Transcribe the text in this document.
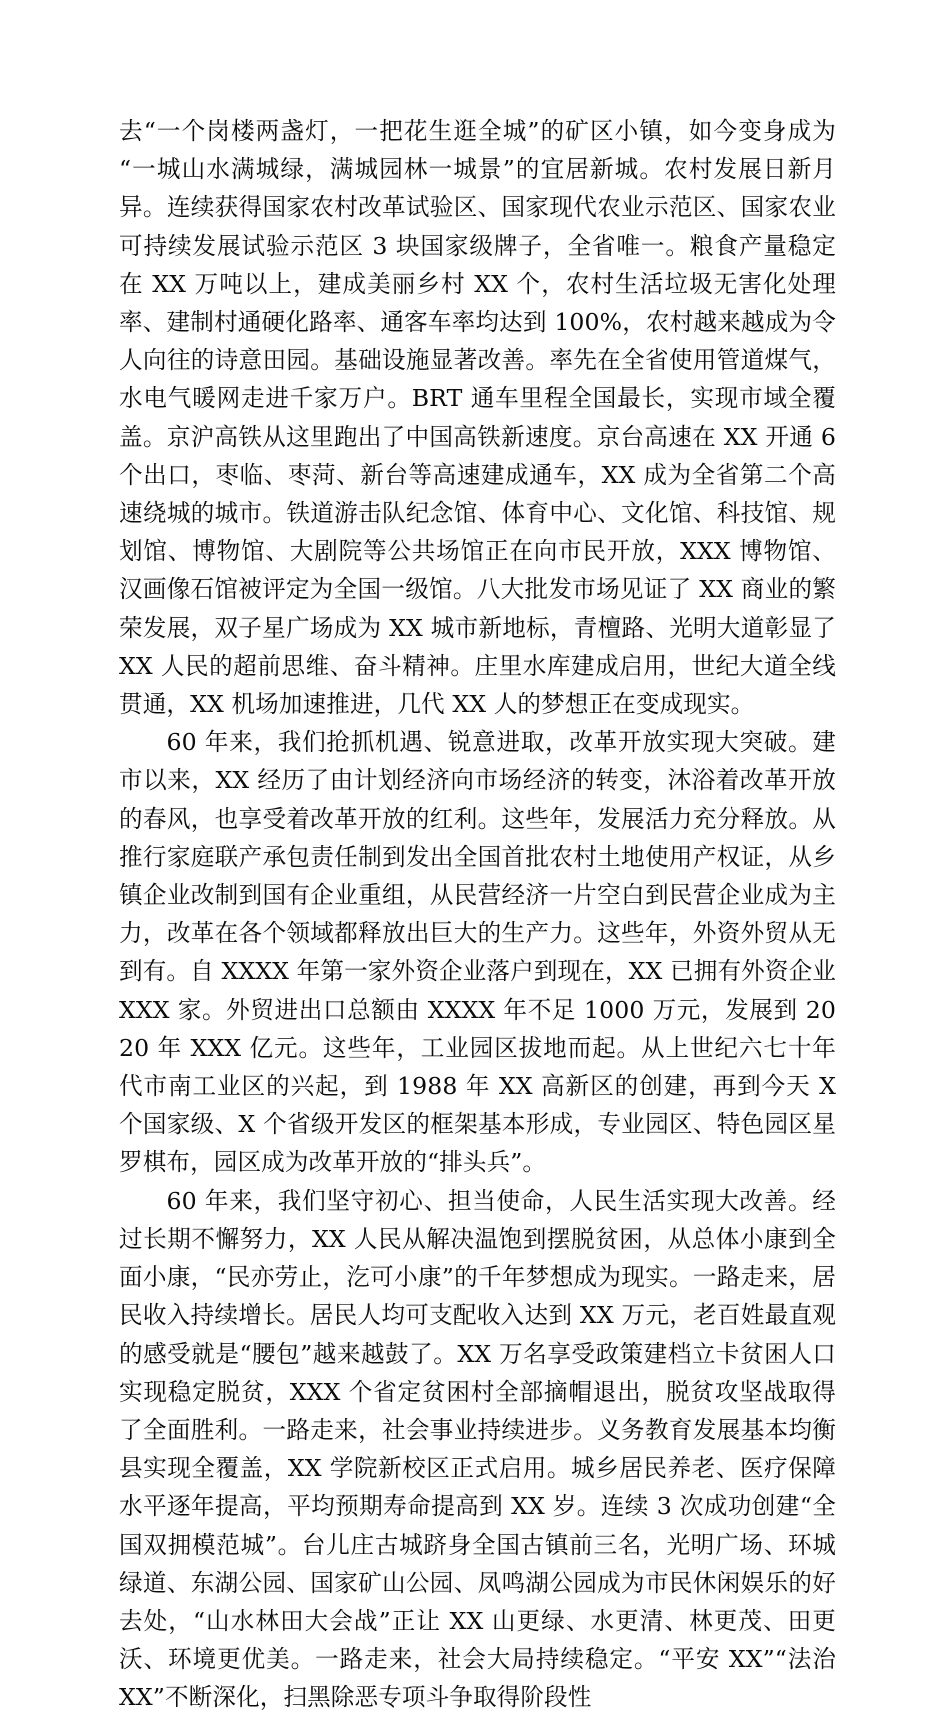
去“一个岗楼两盏灯，一把花生逛全城”的矿区小镇，如今变身成为“一城山水满城绿，满城园林一城景”的宜居新城。农村发展日新月异。连续获得国家农村改革试验区、国家现代农业示范区、国家农业可持续发展试验示范区 3 块国家级牌子，全省唯一。粮食产量稳定在 XX 万吨以上，建成美丽乡村 XX 个，农村生活垃圾无害化处理率、建制村通硬化路率、通客车率均达到 100%，农村越来越成为令人向往的诗意田园。基础设施显著改善。率先在全省使用管道煤气，水电气暖网走进千家万户。BRT 通车里程全国最长，实现市域全覆盖。京沪高铁从这里跑出了中国高铁新速度。京台高速在 XX 开通 6 个出口，枣临、枣菏、新台等高速建成通车，XX 成为全省第二个高速绕城的城市。铁道游击队纪念馆、体育中心、文化馆、科技馆、规划馆、博物馆、大剧院等公共场馆正在向市民开放，XXX 博物馆、汉画像石馆被评定为全国一级馆。八大批发市场见证了 XX 商业的繁荣发展，双子星广场成为 XX 城市新地标，青檀路、光明大道彰显了 XX 人民的超前思维、奋斗精神。庄里水库建成启用，世纪大道全线贯通，XX 机场加速推进，几代 XX 人的梦想正在变成现实。

60 年来，我们抢抓机遇、锐意进取，改革开放实现大突破。建市以来，XX 经历了由计划经济向市场经济的转变，沐浴着改革开放的春风，也享受着改革开放的红利。这些年，发展活力充分释放。从推行家庭联产承包责任制到发出全国首批农村土地使用产权证，从乡镇企业改制到国有企业重组，从民营经济一片空白到民营企业成为主力，改革在各个领域都释放出巨大的生产力。这些年，外资外贸从无到有。自 XXXX 年第一家外资企业落户到现在，XX 已拥有外资企业 XXX 家。外贸进出口总额由 XXXX 年不足 1000 万元，发展到 2020 年 XXX 亿元。这些年，工业园区拔地而起。从上世纪六七十年代市南工业区的兴起，到 1988 年 XX 高新区的创建，再到今天 X 个国家级、X 个省级开发区的框架基本形成，专业园区、特色园区星罗棋布，园区成为改革开放的“排头兵”。

60 年来，我们坚守初心、担当使命，人民生活实现大改善。经过长期不懈努力，XX 人民从解决温饱到摆脱贫困，从总体小康到全面小康，“民亦劳止，汔可小康”的千年梦想成为现实。一路走来，居民收入持续增长。居民人均可支配收入达到 XX 万元，老百姓最直观的感受就是“腰包”越来越鼓了。XX 万名享受政策建档立卡贫困人口实现稳定脱贫，XXX 个省定贫困村全部摘帽退出，脱贫攻坚战取得了全面胜利。一路走来，社会事业持续进步。义务教育发展基本均衡县实现全覆盖，XX 学院新校区正式启用。城乡居民养老、医疗保障水平逐年提高，平均预期寿命提高到 XX 岁。连续 3 次成功创建“全国双拥模范城”。台儿庄古城跻身全国古镇前三名，光明广场、环城绿道、东湖公园、国家矿山公园、凤鸣湖公园成为市民休闲娱乐的好去处，“山水林田大会战”正让 XX 山更绿、水更清、林更茂、田更沃、环境更优美。一路走来，社会大局持续稳定。“平安 XX”“法治 XX”不断深化，扫黑除恶专项斗争取得阶段性
